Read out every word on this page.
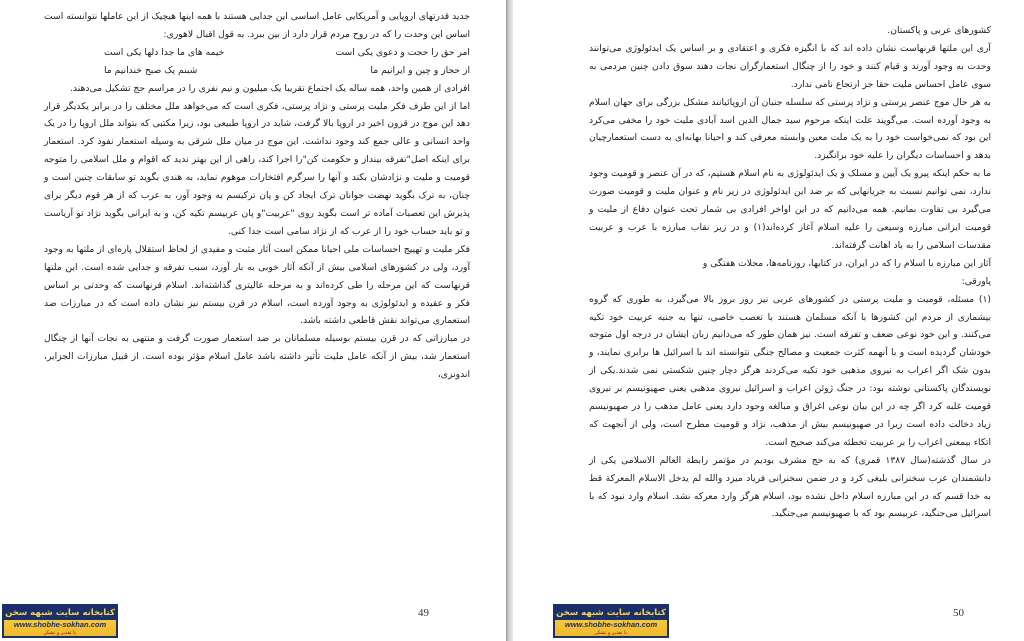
جدید قدرتهای اروپایی و آمریکایی عامل اساسی این جدایی هستند با همه اینها هیچیک از این عاملها نتوانسته است اساس این وحدت را که در روح مردم قرار دارد از بین ببرد. به قول اقبال لاهوری:

امر حق را حجت و دعوی یکی است
خیمه های ما جدا دلها یکی است
از حجاز و چین و ایرانیم ما
شبنم یک صبح خندانیم ما

افرادی از همین واحد، همه ساله یک اجتماع تقریبا یک میلیون و نیم نفری را در مراسم حج تشکیل می‌دهند.

اما از این طرف فکر ملیت پرستی و نژاد پرستی، فکری است که می‌خواهد ملل مختلف را در برابر یکدیگر قرار دهد این موج در قرون اخیر در اروپا بالا گرفت، شاید در اروپا طبیعی بود، زیرا مکتبی که بتواند ملل اروپا را در یک واحد انسانی و عالی جمع کند وجود نداشت. این موج در میان ملل شرقی به وسیله استعمار نفوذ کرد. استعمار برای اینکه اصل"تفرقه بینداز و حکومت کن"را اجرا کند، راهی از این بهتر ندید که اقوام و ملل اسلامی را متوجه قومیت و ملیت و نژادشان بکند و آنها را سرگرم افتخارات موهوم نماید، به هندی بگوید تو سابقات چنین است و چنان، به ترک بگوید نهضت جوانان ترک ایجاد کن و پان ترکیسم به وجود آور، به عرب که از هر قوم دیگر برای پذیرش این تعصبات آماده تر است بگوید روی "عربیت"و پان عربیسم تکیه کن، و به ایرانی بگوید نژاد تو آریاست و تو باید حساب خود را از عرب که از نژاد سامی است جدا کنی.

فکر ملیت و تهییج احساسات ملی احیانا ممکن است آثار مثبت و مفیدی از لحاظ استقلال پاره‌ای از ملتها به وجود آورد، ولی در کشورهای اسلامی بیش از آنکه آثار خوبی به بار آورد، سبب تفرقه و جدایی شده است. این ملتها قرنهاست که این مرحله را طی کرده‌اند و به مرحله عالیتری گذاشته‌اند. اسلام قرنهاست که وحدتی بر اساس فکر و عقیده و ایدئولوژی به وجود آورده است، اسلام در قرن بیستم نیز نشان داده است که در مبارزات ضد استعماری می‌تواند نقش قاطعی داشته باشد.

در مبارزاتی که در قرن بیستم بوسیله مسلمانان بر ضد استعمار صورت گرفت و منتهی به نجات آنها از چنگال استعمار شد، بیش از آنکه عامل ملیت تأثیر داشته باشد عامل اسلام مؤثر بوده است. از قبیل مبارزات الجزایر، اندونزی،

کتابخانه سایت شبهه سخن
www.shobhe-sokhan.com
با تقدیر و تشکر
49

کشورهای عربی و پاکستان.

آری این ملتها قرنهاست نشان داده اند که با انگیزه فکری و اعتقادی و بر اساس یک ایدئولوژی می‌توانند وحدت به وجود آورند و قیام کنند و خود را از چنگال استعمارگران نجات دهند سوق دادن چنین مردمی به سوی عامل احساس ملیت حقا جز ارتجاع نامی ندارد.

به هر حال موج عنصر پرستی و نژاد پرستی که سلسله جنبان آن اروپائیانند مشکل بزرگی برای جهان اسلام به وجود آورده است. می‌گویند علت اینکه مرحوم سید جمال الدین اسد آبادی ملیت خود را مخفی می‌کرد این بود که نمی‌خواست خود را به یک ملت معین وابسته معرفی کند و احیانا بهانه‌ای به دست استعمارچیان بدهد و احساسات دیگران را علیه خود برانگیزد.

ما به حکم اینکه پیرو یک آیین و مسلک و یک ایدئولوژی به نام اسلام هستیم، که در آن عنصر و قومیت وجود ندارد، نمی توانیم نسبت به جریانهایی که بر ضد این ایدئولوژی در زیر نام و عنوان ملیت و قومیت صورت می‌گیرد بی تفاوت بمانیم. همه می‌دانیم که در این اواخر افرادی بی شمار تحت عنوان دفاع از ملیت و قومیت ایرانی مبارزه وسیعی را علیه اسلام آغاز کرده‌اند(۱) و در زیر نقاب مبارزه با عرب و عربیت مقدسات اسلامی را به باد اهانت گرفته‌اند.

آثار این مبارزه با اسلام را که در ایران، در کتابها، روزنامه‌ها، مجلات هفتگی و

پاورقی:

(۱) مسئله، قومیت و ملیت پرستی در کشورهای عربی نیز روز بروز بالا می‌گیرد، به طوری که گروه بیشماری از مردم این کشورها با آنکه مسلمان هستند با تعصب خاصی، تنها به جنبه عربیت خود تکیه می‌کنند. و این خود نوعی ضعف و تفرقه است. نیز همان طور که می‌دانیم زبان ایشان در درجه اول متوجه خودشان گردیده است و با آنهمه کثرت جمعیت و مصالح جنگی نتوانسته اند با اسرائیل ها برابری نمایند، و بدون شک اگر اعراب به نیروی مذهبی خود تکیه می‌کردند هرگز دچار چنین شکستی نمی شدند.یکی از نویسندگان پاکستانی نوشته بود: در جنگ ژوئن اعراب و اسرائیل نیروی مذهبی یعنی صهیونیسم بر نیروی قومیت غلبه کرد اگر چه در این بیان نوعی اغراق و مبالغه وجود دارد یعنی عامل مذهب را در صهیونیسم زیاد دخالت داده است زیرا در صهیونیسم بیش از مذهب، نژاد و قومیت مطرح است، ولی از آنجهت که اتکاء بیمعنی اعراب را بر عربیت تخطئه می‌کند صحیح است.

در سال گذشته(سال ۱۳۸۷ قمری) که به حج مشرف بودیم در مؤتمر رابطة العالم الاسلامی یکی از دانشمندان عرب سخنرانی بلیغی کرد و در ضمن سخنرانی فریاد میزد والله لم یدخل الاسلام المعرکة قط به خدا قسم که در این مبارزه اسلام داخل نشده بود، اسلام هرگز وارد معرکه نشد. اسلام وارد نبود که با اسرائیل می‌جنگید، عربیسم بود که با صهیونیسم می‌جنگید.

کتابخانه سایت شبهه سخن
www.shobhe-sokhan.com
با تقدیر و تشکر
50
